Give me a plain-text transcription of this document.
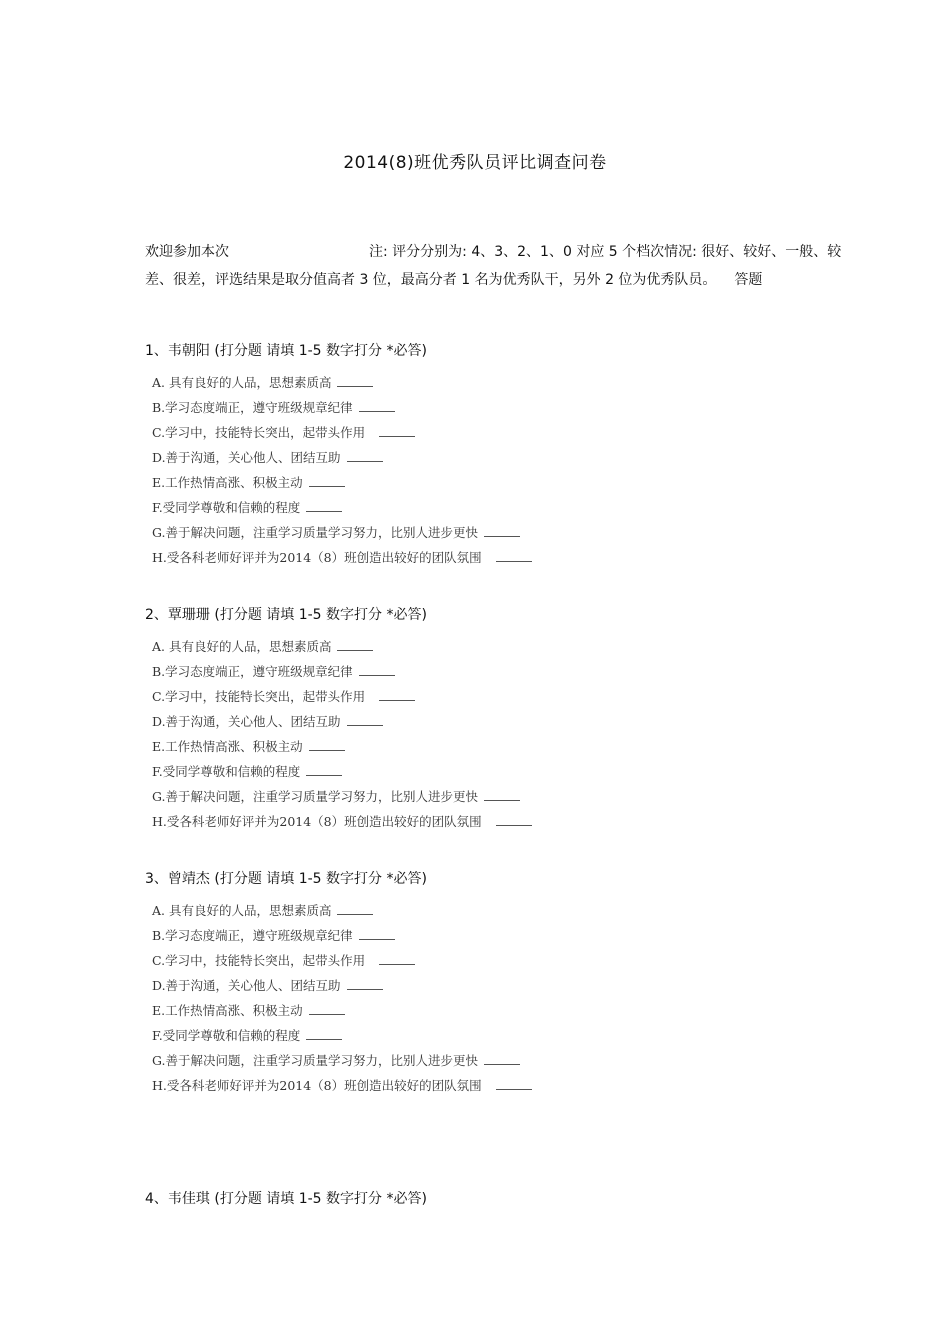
2014(8)班优秀队员评比调查问卷
欢迎参加本次	注: 评分分别为: 4、3、2、1、0 对应 5 个档次情况: 很好、较好、一般、较
差、很差，评选结果是取分值高者 3 位，最高分者 1 名为优秀队干，另外 2 位为优秀队员。 答题
1、韦朝阳 (打分题 请填 1-5 数字打分 *必答)
A. 具有良好的人品，思想素质高
B.学习态度端正，遵守班级规章纪律
C.学习中，技能特长突出，起带头作用
D.善于沟通，关心他人、团结互助
E.工作热情高涨、积极主动
F.受同学尊敬和信赖的程度
G.善于解决问题，注重学习质量学习努力，比别人进步更快
H.受各科老师好评并为2014（8）班创造出较好的团队氛围
2、覃珊珊 (打分题 请填 1-5 数字打分 *必答)
A. 具有良好的人品，思想素质高
B.学习态度端正，遵守班级规章纪律
C.学习中，技能特长突出，起带头作用
D.善于沟通，关心他人、团结互助
E.工作热情高涨、积极主动
F.受同学尊敬和信赖的程度
G.善于解决问题，注重学习质量学习努力，比别人进步更快
H.受各科老师好评并为2014（8）班创造出较好的团队氛围
3、曾靖杰 (打分题 请填 1-5 数字打分 *必答)
A. 具有良好的人品，思想素质高
B.学习态度端正，遵守班级规章纪律
C.学习中，技能特长突出，起带头作用
D.善于沟通，关心他人、团结互助
E.工作热情高涨、积极主动
F.受同学尊敬和信赖的程度
G.善于解决问题，注重学习质量学习努力，比别人进步更快
H.受各科老师好评并为2014（8）班创造出较好的团队氛围
4、韦佳琪 (打分题 请填 1-5 数字打分 *必答)
